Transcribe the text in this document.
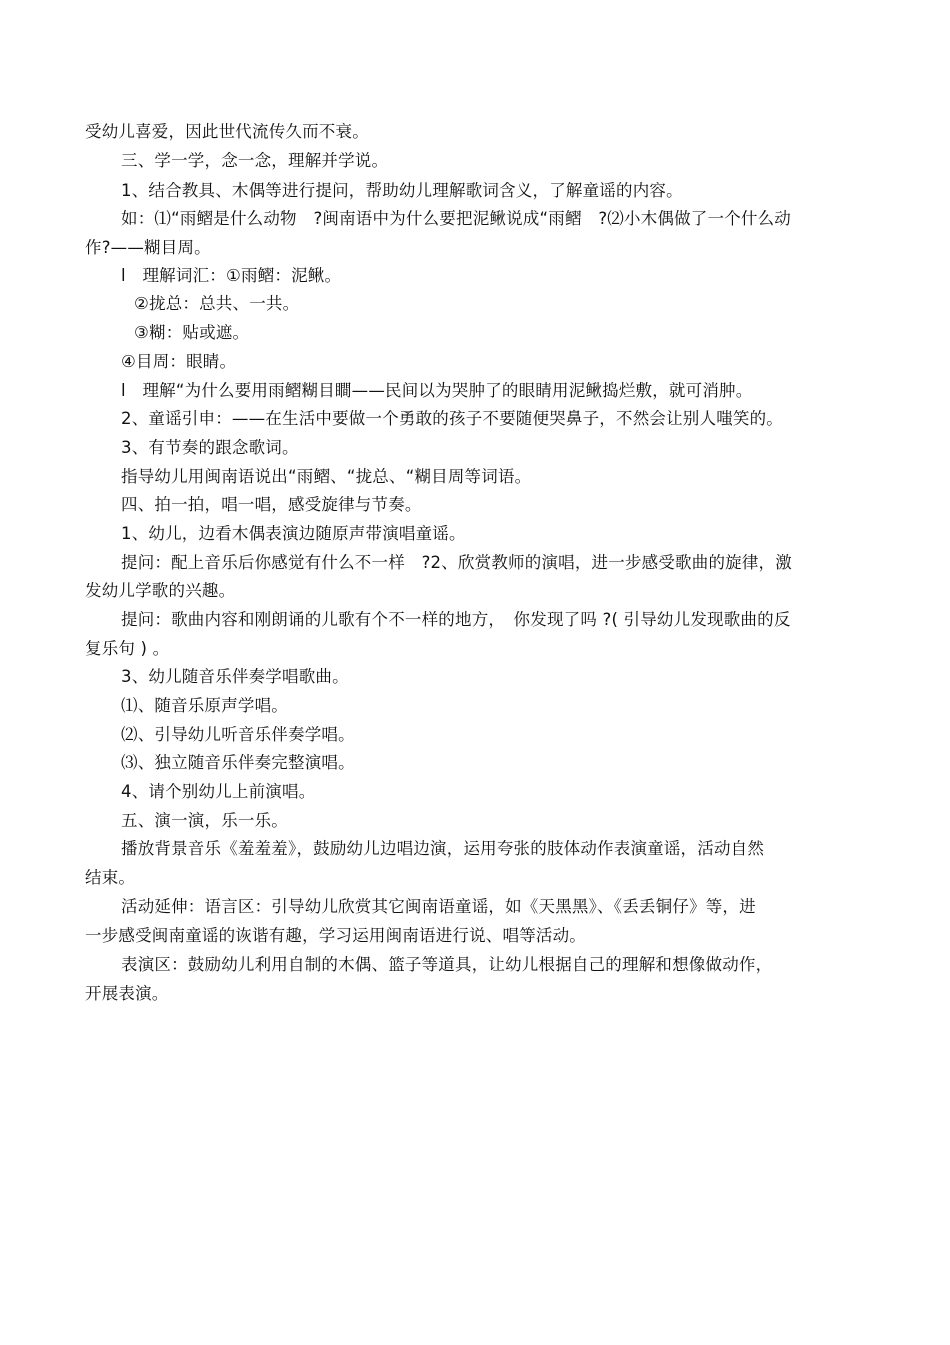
受幼儿喜爱，因此世代流传久而不衰。
三、学一学，念一念，理解并学说。
1、结合教具、木偶等进行提问，帮助幼儿理解歌词含义，了解童谣的内容。
如：⑴“雨鳛是什么动物　?闽南语中为什么要把泥鳅说成“雨鳛　?⑵小木偶做了一个什么动
作?——糊目周。
l　理解词汇：①雨鳛：泥鳅。
②拢总：总共、一共。
③糊：贴或遮。
④目周：眼睛。
l　理解“为什么要用雨鳛糊目瞷——民间以为哭肿了的眼睛用泥鳅捣烂敷，就可消肿。
2、童谣引申：——在生活中要做一个勇敢的孩子不要随便哭鼻子，不然会让别人嗤笑的。
3、有节奏的跟念歌词。
指导幼儿用闽南语说出“雨鳛、“拢总、“糊目周等词语。
四、拍一拍，唱一唱，感受旋律与节奏。
1、幼儿，边看木偶表演边随原声带演唱童谣。
提问：配上音乐后你感觉有什么不一样　?2、欣赏教师的演唱，进一步感受歌曲的旋律，激
发幼儿学歌的兴趣。
提问：歌曲内容和刚朗诵的儿歌有个不一样的地方，　你发现了吗 ?( 引导幼儿发现歌曲的反
复乐句 ) 。
3、幼儿随音乐伴奏学唱歌曲。
⑴、随音乐原声学唱。
⑵、引导幼儿听音乐伴奏学唱。
⑶、独立随音乐伴奏完整演唱。
4、请个别幼儿上前演唱。
五、演一演，乐一乐。
播放背景音乐《羞羞羞》，鼓励幼儿边唱边演，运用夸张的肢体动作表演童谣，活动自然
结束。
活动延伸：语言区：引导幼儿欣赏其它闽南语童谣，如《天黑黑》、《丢丢铜仔》等，进
一步感受闽南童谣的诙谐有趣，学习运用闽南语进行说、唱等活动。
表演区：鼓励幼儿利用自制的木偶、篮子等道具，让幼儿根据自己的理解和想像做动作，
开展表演。
